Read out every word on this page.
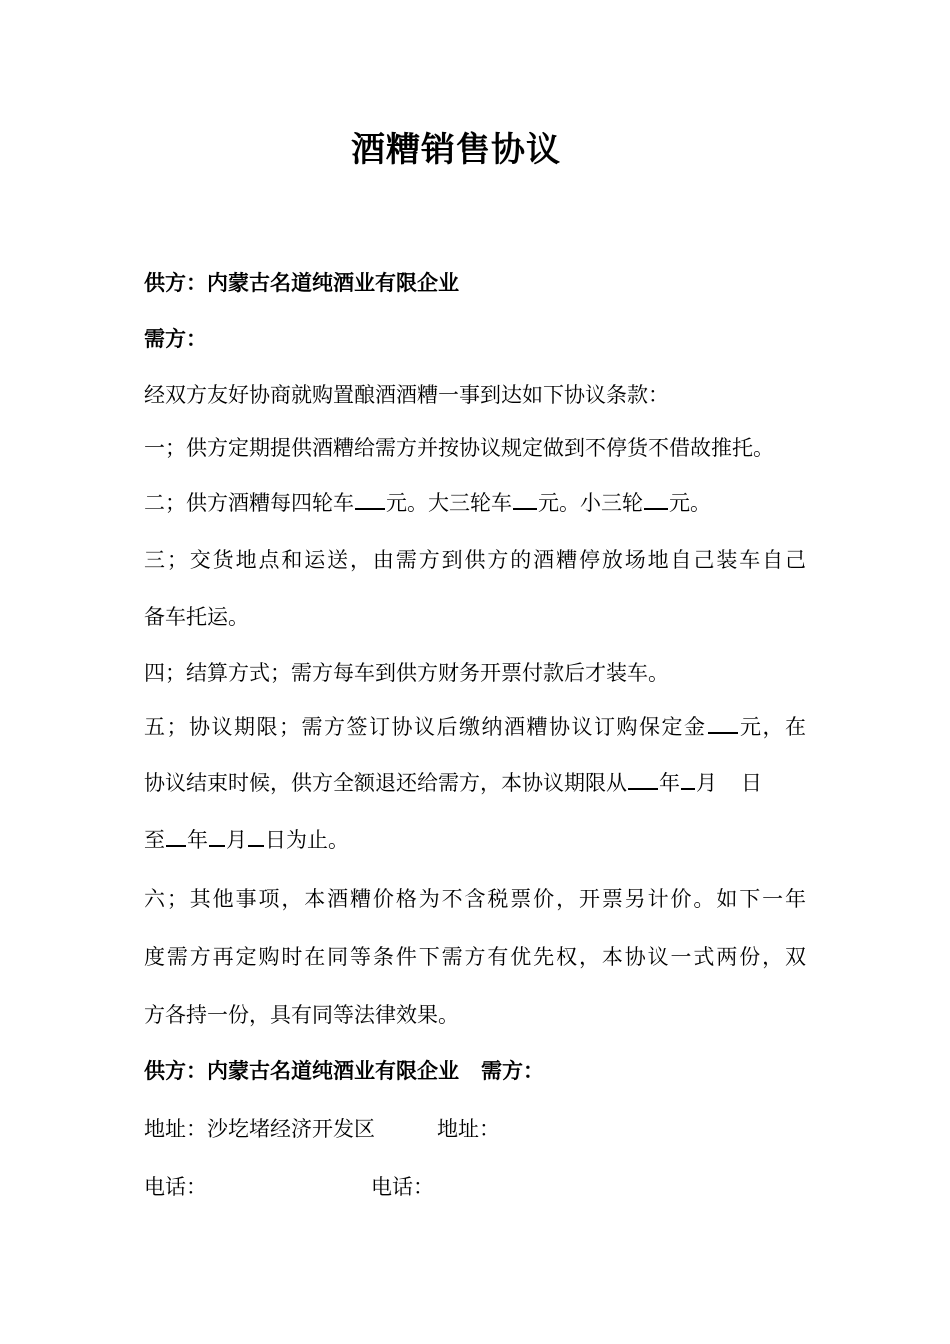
酒糟销售协议
供方：内蒙古名道纯酒业有限企业
需方：
经双方友好协商就购置酿酒酒糟一事到达如下协议条款：
一；供方定期提供酒糟给需方并按协议规定做到不停货不借故推托。
二；供方酒糟每四轮车 元。大三轮车 元。小三轮 元。
三；交货地点和运送，由需方到供方的酒糟停放场地自己装车自己
备车托运。
四；结算方式；需方每车到供方财务开票付款后才装车。
五；协议期限；需方签订协议后缴纳酒糟协议订购保定金 元，在
协议结束时候，供方全额退还给需方，本协议期限从 年 月 日
至 年 月 日为止。
六；其他事项，本酒糟价格为不含税票价，开票另计价。如下一年
度需方再定购时在同等条件下需方有优先权，本协议一式两份，双
方各持一份，具有同等法律效果。
供方：内蒙古名道纯酒业有限企业 需方：
地址：沙圪堵经济开发区	地址：
电话：	电话：
